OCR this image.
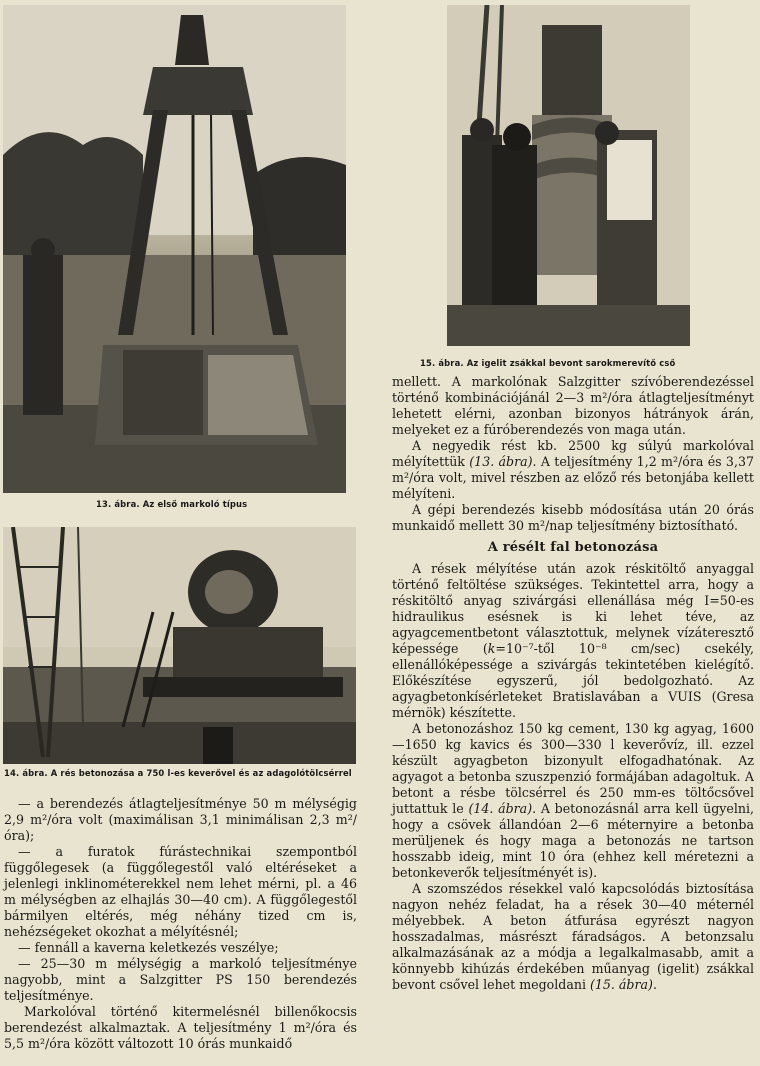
13. ábra. Az első markoló típus
14. ábra. A rés betonozása a 750 l-es keverővel és az adagolótölcsérrel
15. ábra. Az igelit zsákkal bevont sarokmerevítő cső

— a berendezés átlagteljesítménye 50 m mélységig 2,9 m²/óra volt (maximálisan 3,1 minimálisan 2,3 m²/óra);

— a furatok fúrástechnikai szempontból függőlegesek (a függőlegestől való eltéréseket a jelenlegi inklinométerekkel nem lehet mérni, pl. a 46 m mélységben az elhajlás 30—40 cm). A függőlegestől bármilyen eltérés, még néhány tized cm is, nehézségeket okozhat a mélyítésnél;

— fennáll a kaverna keletkezés veszélye;

— 25—30 m mélységig a markoló teljesítménye nagyobb, mint a Salzgitter PS 150 berendezés teljesítménye.

Markolóval történő kitermelésnél billenőkocsis berendezést alkalmaztak. A teljesítmény 1 m²/óra és 5,5 m²/óra között változott 10 órás munkaidő

mellett. A markolónak Salzgitter szívóberendezéssel történő kombinációjánál 2—3 m²/óra átlagteljesítményt lehetett elérni, azonban bizonyos hátrányok árán, melyeket ez a fúróberendezés von maga után.

A negyedik rést kb. 2500 kg súlyú markolóval mélyítettük (13. ábra). A teljesítmény 1,2 m²/óra és 3,37 m²/óra volt, mivel részben az előző rés betonjába kellett mélyíteni.

A gépi berendezés kisebb módosítása után 20 órás munkaidő mellett 30 m²/nap teljesítmény biztosítható.

A résélt fal betonozása

A rések mélyítése után azok réskitöltő anyaggal történő feltöltése szükséges. Tekintettel arra, hogy a réskitöltő anyag szivárgási ellenállása még I=50-es hidraulikus esésnek is ki lehet téve, az agyagcementbetont választottuk, melynek vízáteresztő képessége (k=10⁻⁷-től 10⁻⁸ cm/sec) csekély, ellenállóképessége a szivárgás tekintetében kielégítő. Előkészítése egyszerű, jól bedolgozható. Az agyagbetonkísérleteket Bratislavában a VUIS (Gresa mérnök) készítette.

A betonozáshoz 150 kg cement, 130 kg agyag, 1600—1650 kg kavics és 300—330 l keverővíz, ill. ezzel készült agyagbeton bizonyult elfogadhatónak. Az agyagot a betonba szuszpenzió formájában adagoltuk. A betont a résbe tölcsérrel és 250 mm-es töltőcsővel juttattuk le (14. ábra). A betonozásnál arra kell ügyelni, hogy a csövek állandóan 2—6 méternyire a betonba merüljenek és hogy maga a betonozás ne tartson hosszabb ideig, mint 10 óra (ehhez kell méretezni a betonkeverők teljesítményét is).

A szomszédos résekkel való kapcsolódás biztosítása nagyon nehéz feladat, ha a rések 30—40 méternél mélyebbek. A beton átfurása egyrészt nagyon hosszadalmas, másrészt fáradságos. A betonzsalu alkalmazásának az a módja a legalkalmasabb, amit a könnyebb kihúzás érdekében műanyag (igelit) zsákkal bevont csővel lehet megoldani (15. ábra).
